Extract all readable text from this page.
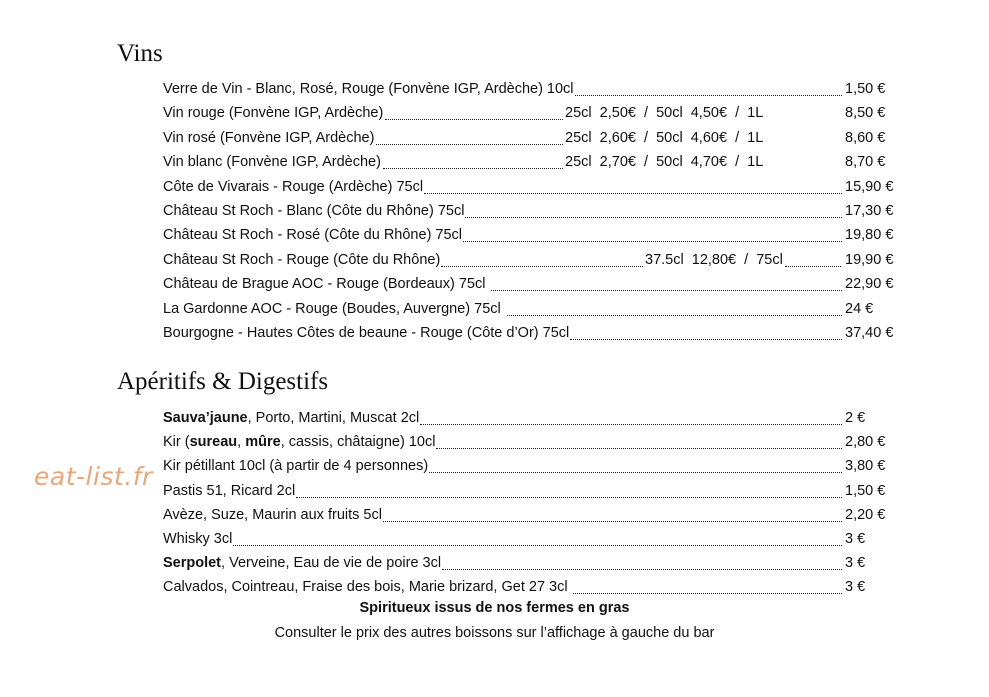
Vins
Verre de Vin - Blanc, Rosé, Rouge (Fonvène IGP, Ardèche) 10cl	1,50 €
Vin rouge (Fonvène IGP, Ardèche)	25cl  2,50€  /  50cl  4,50€  /  1L	8,50 €
Vin rosé (Fonvène IGP, Ardèche)	25cl  2,60€  /  50cl  4,60€  /  1L	8,60 €
Vin blanc (Fonvène IGP, Ardèche)	25cl  2,70€  /  50cl  4,70€  /  1L	8,70 €
Côte de Vivarais - Rouge (Ardèche) 75cl	15,90 €
Château St Roch - Blanc (Côte du Rhône) 75cl	17,30 €
Château St Roch - Rosé (Côte du Rhône) 75cl	19,80 €
Château St Roch - Rouge (Côte du Rhône)	37.5cl  12,80€  /  75cl	19,90 €
Château de Brague AOC - Rouge (Bordeaux) 75cl	22,90 €
La Gardonne AOC - Rouge (Boudes, Auvergne) 75cl	24 €
Bourgogne - Hautes Côtes de beaune - Rouge (Côte d’Or) 75cl	37,40 €
Apéritifs & Digestifs
Sauva’jaune, Porto, Martini, Muscat 2cl	2 €
Kir (sureau, mûre, cassis, châtaigne) 10cl	2,80 €
Kir pétillant 10cl (à partir de 4 personnes)	3,80 €
Pastis 51, Ricard 2cl	1,50 €
Avèze, Suze, Maurin aux fruits 5cl	2,20 €
Whisky 3cl	3 €
Serpolet, Verveine, Eau de vie de poire 3cl	3 €
Calvados, Cointreau, Fraise des bois, Marie brizard, Get 27 3cl	3 €
Spiritueux issus de nos fermes en gras
Consulter le prix des autres boissons sur l’affichage à gauche du bar
eat-list.fr
